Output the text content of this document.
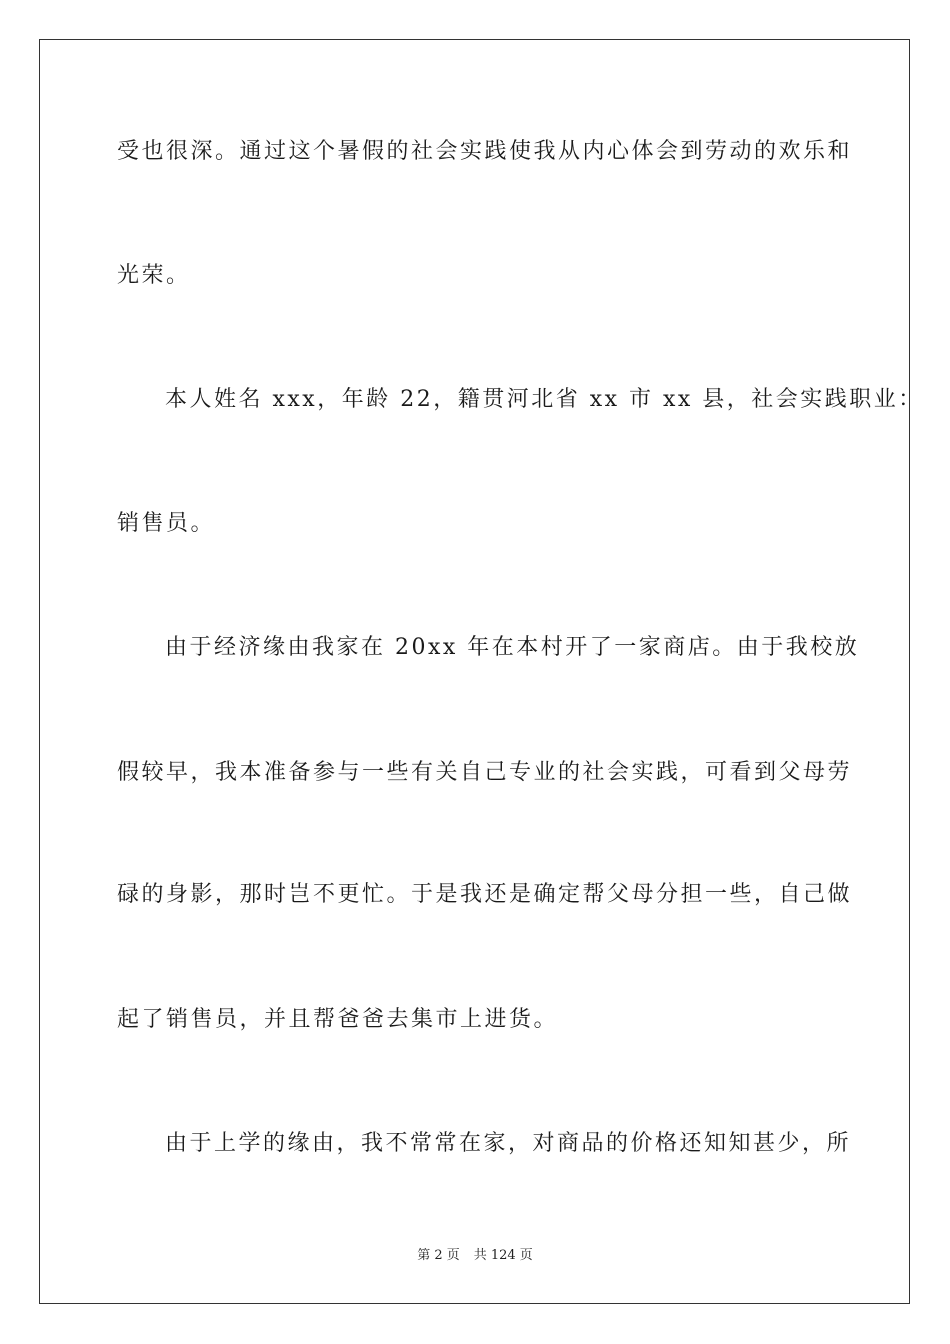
受也很深。通过这个暑假的社会实践使我从内心体会到劳动的欢乐和
光荣。
本人姓名 xxx，年龄 22，籍贯河北省 xx 市 xx 县，社会实践职业：
销售员。
由于经济缘由我家在 20xx 年在本村开了一家商店。由于我校放
假较早，我本准备参与一些有关自己专业的社会实践，可看到父母劳
碌的身影，那时岂不更忙。于是我还是确定帮父母分担一些，自己做
起了销售员，并且帮爸爸去集市上进货。
由于上学的缘由，我不常常在家，对商品的价格还知知甚少，所
第 2 页 共 124 页
